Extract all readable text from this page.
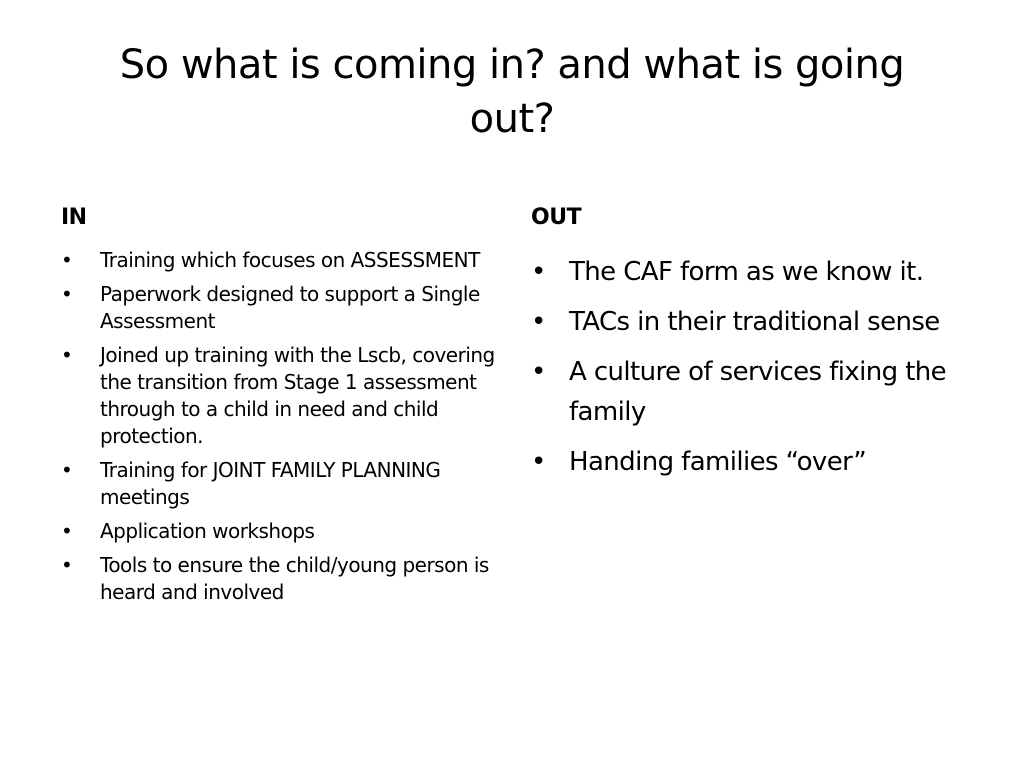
So what is coming in? and what is going out?
IN
• Training which focuses on ASSESSMENT
• Paperwork designed to support a Single Assessment
• Joined up training with the Lscb, covering the transition from Stage 1 assessment through to a child in need and child protection.
• Training for JOINT FAMILY PLANNING meetings
• Application workshops
• Tools to ensure the child/young person is heard and involved
OUT
• The CAF form as we know it.
• TACs in their traditional sense
• A culture of services fixing the family
• Handing families “over”
